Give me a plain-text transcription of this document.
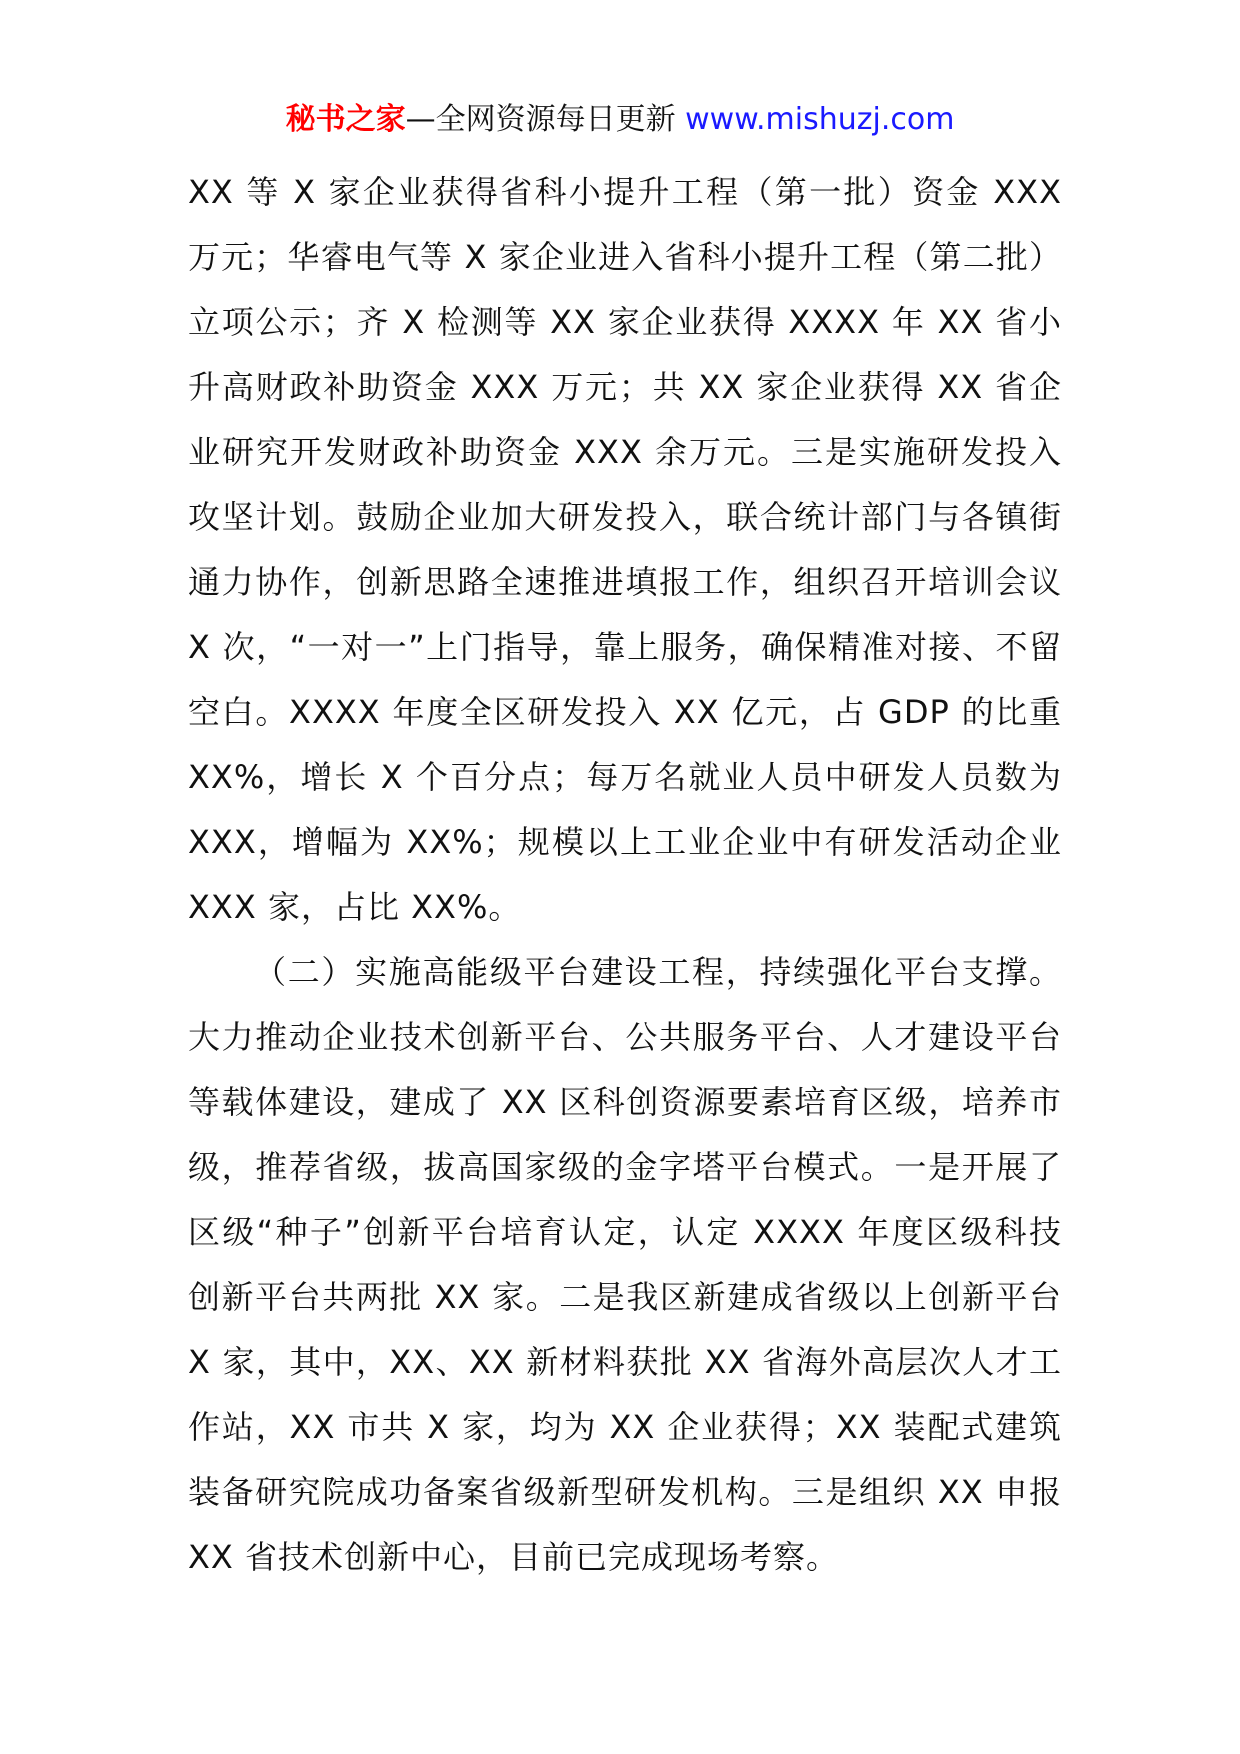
秘书之家—全网资源每日更新 www.mishuzj.com

XX 等 X 家企业获得省科小提升工程（第一批）资金 XXX 万元；华睿电气等 X 家企业进入省科小提升工程（第二批）立项公示；齐 X 检测等 XX 家企业获得 XXXX 年 XX 省小升高财政补助资金 XXX 万元；共 XX 家企业获得 XX 省企业研究开发财政补助资金 XXX 余万元。三是实施研发投入攻坚计划。鼓励企业加大研发投入，联合统计部门与各镇街通力协作，创新思路全速推进填报工作，组织召开培训会议 X 次，“一对一”上门指导，靠上服务，确保精准对接、不留空白。XXXX 年度全区研发投入 XX 亿元，占 GDP 的比重 XX%，增长 X 个百分点；每万名就业人员中研发人员数为 XXX，增幅为 XX%；规模以上工业企业中有研发活动企业 XXX 家，占比 XX%。

（二）实施高能级平台建设工程，持续强化平台支撑。大力推动企业技术创新平台、公共服务平台、人才建设平台等载体建设，建成了 XX 区科创资源要素培育区级，培养市级，推荐省级，拔高国家级的金字塔平台模式。一是开展了区级“种子”创新平台培育认定，认定 XXXX 年度区级科技创新平台共两批 XX 家。二是我区新建成省级以上创新平台 X 家，其中，XX、XX 新材料获批 XX 省海外高层次人才工作站，XX 市共 X 家，均为 XX 企业获得；XX 装配式建筑装备研究院成功备案省级新型研发机构。三是组织 XX 申报 XX 省技术创新中心，目前已完成现场考察。
